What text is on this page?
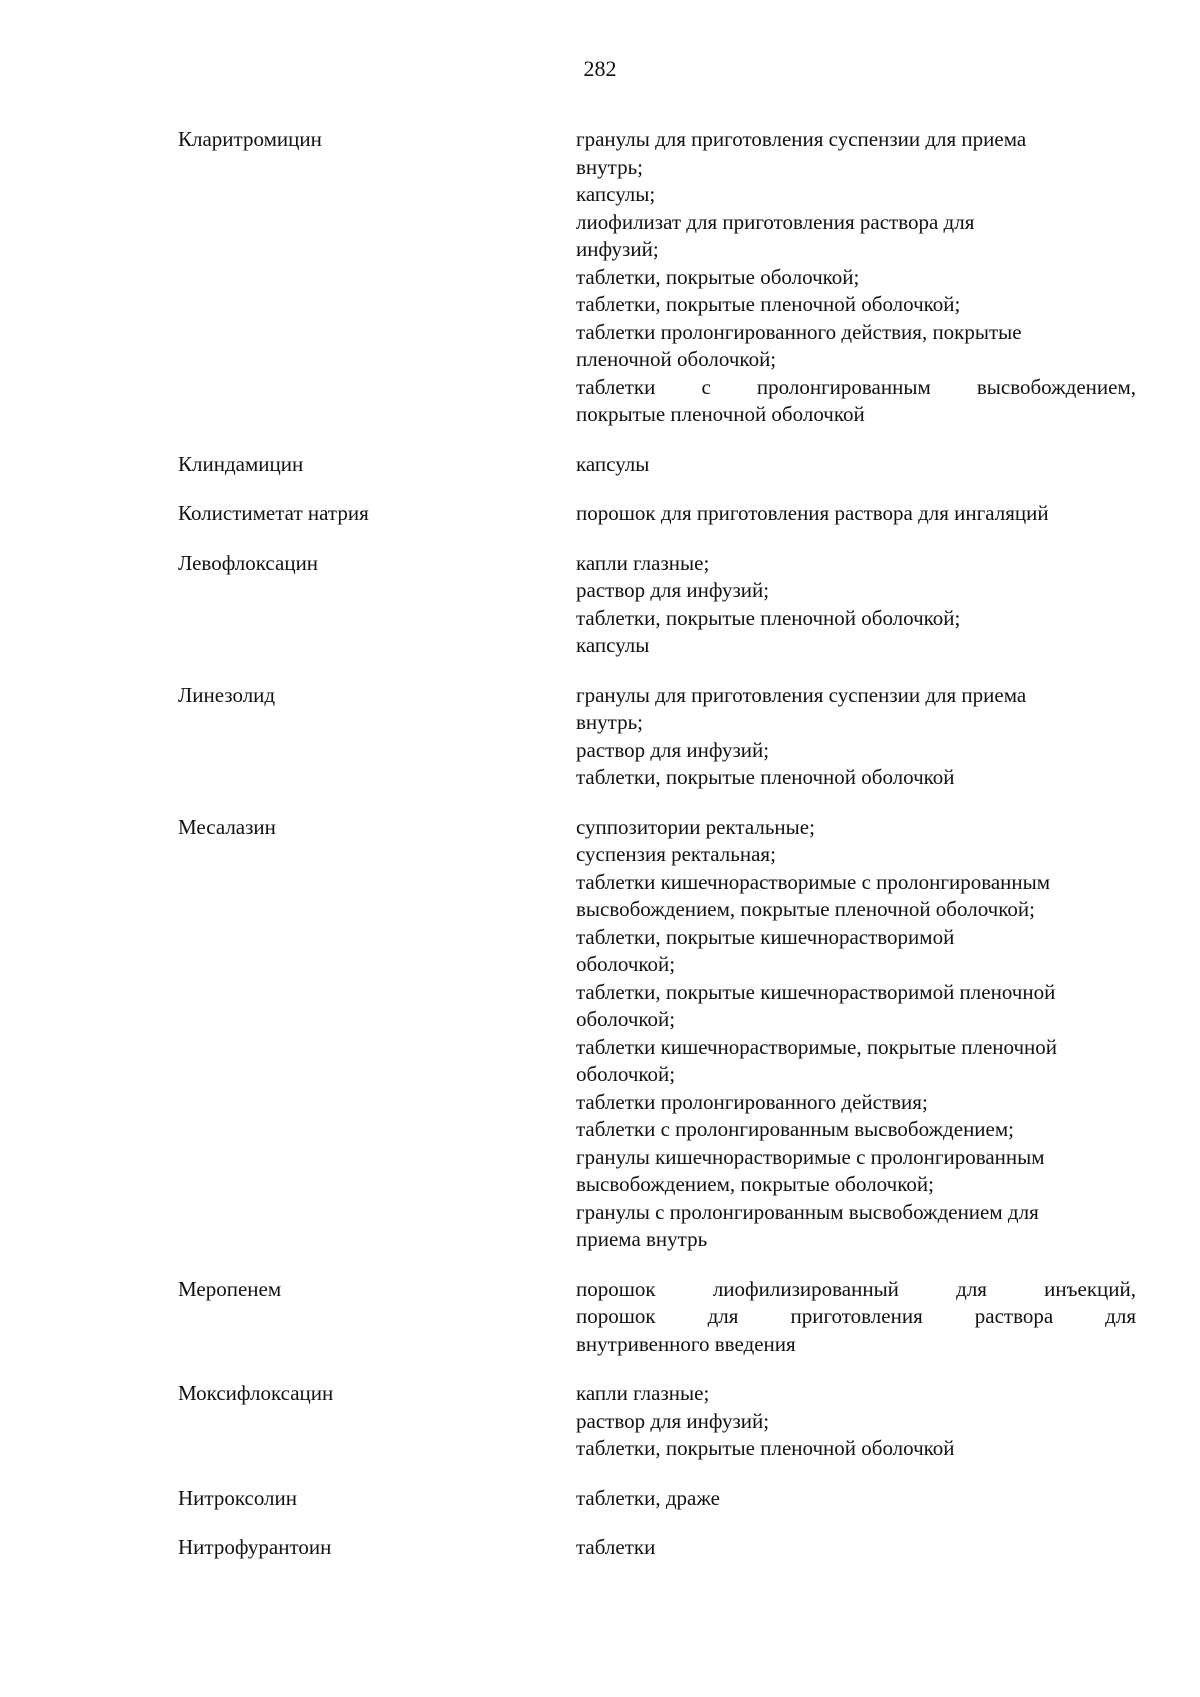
282
Кларитромицин	гранулы для приготовления суспензии для приема
внутрь;
капсулы;
лиофилизат для приготовления раствора для
инфузий;
таблетки, покрытые оболочкой;
таблетки, покрытые пленочной оболочкой;
таблетки пролонгированного действия, покрытые
пленочной оболочкой;
таблетки с пролонгированным высвобождением,
покрытые пленочной оболочкой
Клиндамицин	капсулы
Колистиметат натрия	порошок для приготовления раствора для ингаляций
Левофлоксацин	капли глазные;
раствор для инфузий;
таблетки, покрытые пленочной оболочкой;
капсулы
Линезолид	гранулы для приготовления суспензии для приема
внутрь;
раствор для инфузий;
таблетки, покрытые пленочной оболочкой
Месалазин	суппозитории ректальные;
суспензия ректальная;
таблетки кишечнорастворимые с пролонгированным
высвобождением, покрытые пленочной оболочкой;
таблетки, покрытые кишечнорастворимой
оболочкой;
таблетки, покрытые кишечнорастворимой пленочной
оболочкой;
таблетки кишечнорастворимые, покрытые пленочной
оболочкой;
таблетки пролонгированного действия;
таблетки с пролонгированным высвобождением;
гранулы кишечнорастворимые с пролонгированным
высвобождением, покрытые оболочкой;
гранулы с пролонгированным высвобождением для
приема внутрь
Меропенем	порошок лиофилизированный для инъекций,
порошок для приготовления раствора для
внутривенного введения
Моксифлоксацин	капли глазные;
раствор для инфузий;
таблетки, покрытые пленочной оболочкой
Нитроксолин	таблетки, драже
Нитрофурантоин	таблетки
